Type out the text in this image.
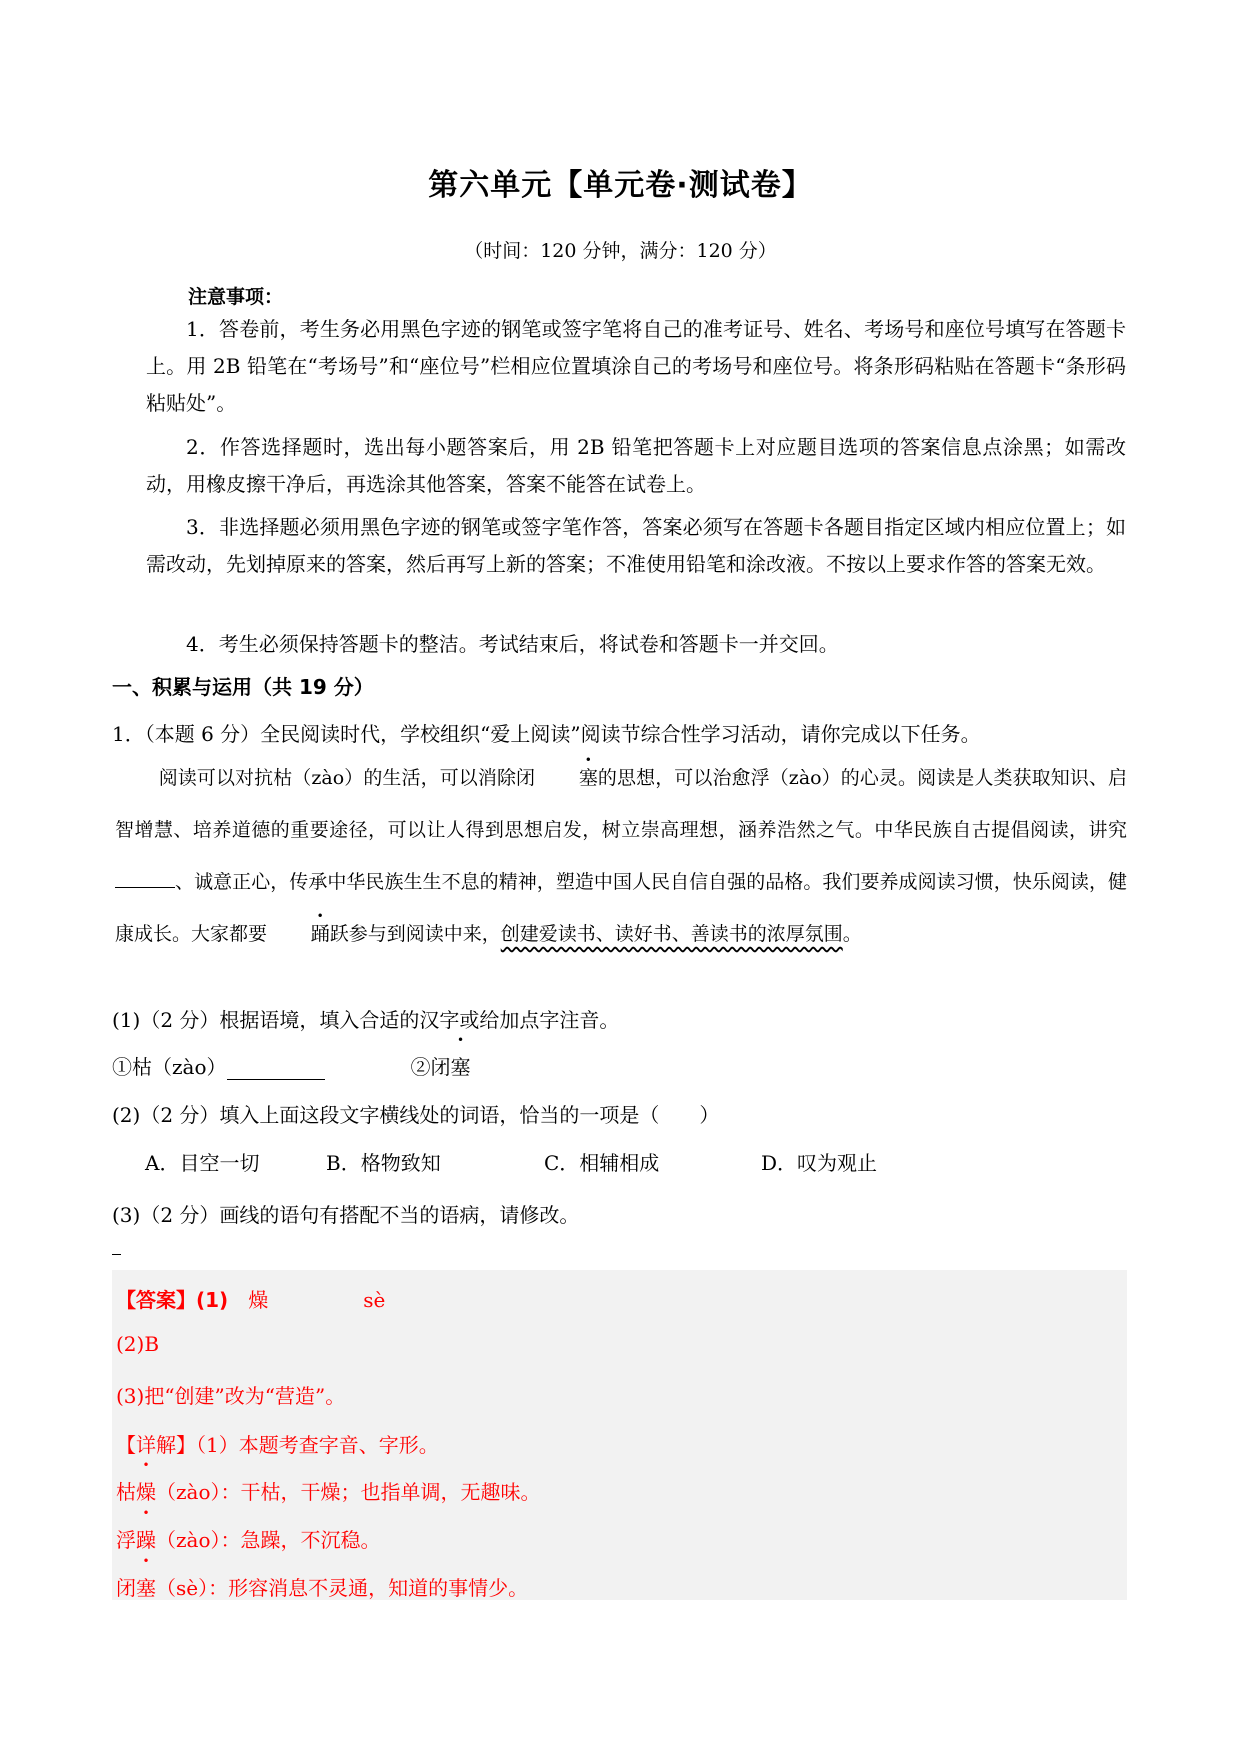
第六单元【单元卷·测试卷】
（时间：120 分钟，满分：120 分）
注意事项：

1．答卷前，考生务必用黑色字迹的钢笔或签字笔将自己的准考证号、姓名、考场号和座位号填写在答题卡上。用 2B 铅笔在“考场号”和“座位号”栏相应位置填涂自己的考场号和座位号。将条形码粘贴在答题卡“条形码粘贴处”。

2．作答选择题时，选出每小题答案后，用 2B 铅笔把答题卡上对应题目选项的答案信息点涂黑；如需改动，用橡皮擦干净后，再选涂其他答案，答案不能答在试卷上。

3．非选择题必须用黑色字迹的钢笔或签字笔作答，答案必须写在答题卡各题目指定区域内相应位置上；如需改动，先划掉原来的答案，然后再写上新的答案；不准使用铅笔和涂改液。不按以上要求作答的答案无效。

4．考生必须保持答题卡的整洁。考试结束后，将试卷和答题卡一并交回。

一、积累与运用（共 19 分）
1．（本题 6 分）全民阅读时代，学校组织“爱上阅读”阅读节综合性学习活动，请你完成以下任务。

阅读可以对抗枯（zào）的生活，可以消除闭 塞的思想，可以治愈浮（zào）的心灵。阅读是人类获取知识、启智增慧、培养道德的重要途径，可以让人得到思想启发，树立崇高理想，涵养浩然之气。中华民族自古提倡阅读，讲究、诚意正心，传承中华民族生生不息的精神，塑造中国人民自信自强的品格。我们要养成阅读习惯，快乐阅读，健康成长。大家都要 踊跃参与到阅读中来，创建爱读书、读好书、善读书的浓厚氛围。

(1)（2 分）根据语境，填入合适的汉字或给加点字注音。
①枯（zào）	②闭塞
(2)（2 分）填入上面这段文字横线处的词语，恰当的一项是（　　）
A．目空一切	B．格物致知	C．相辅相成	D．叹为观止
(3)（2 分）画线的语句有搭配不当的语病，请修改。
【答案】(1) 燥	sè
(2)B
(3)把“创建”改为“营造”。
【详解】（1）本题考查字音、字形。
枯燥（zào）：干枯，干燥；也指单调，无趣味。
浮躁（zào）：急躁，不沉稳。
闭塞（sè）：形容消息不灵通，知道的事情少。
